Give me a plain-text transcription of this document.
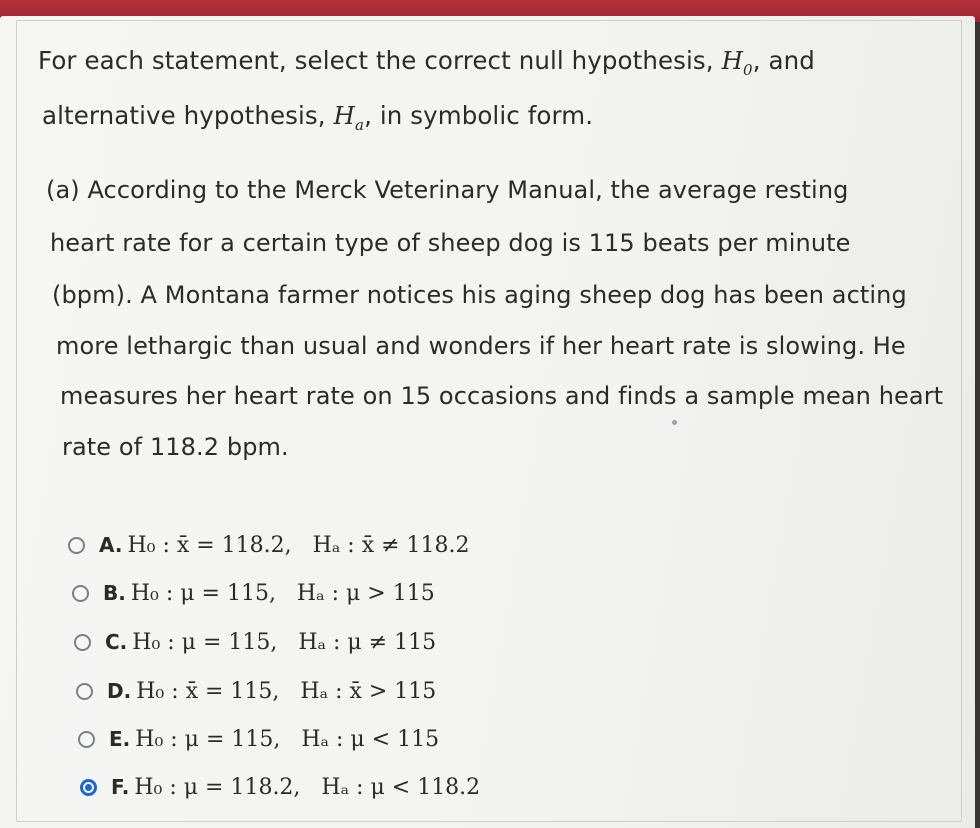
For each statement, select the correct null hypothesis, $H_0$, and
alternative hypothesis, $H_a$, in symbolic form.
(a) According to the Merck Veterinary Manual, the average resting
heart rate for a certain type of sheep dog is 115 beats per minute
(bpm). A Montana farmer notices his aging sheep dog has been acting
more lethargic than usual and wonders if her heart rate is slowing. He
measures her heart rate on 15 occasions and finds a sample mean heart
rate of 118.2 bpm.
A. H₀ : x̄ = 118.2,   Hₐ : x̄ ≠ 118.2
B. H₀ : μ = 115,   Hₐ : μ > 115
C. H₀ : μ = 115,   Hₐ : μ ≠ 115
D. H₀ : x̄ = 115,   Hₐ : x̄ > 115
E. H₀ : μ = 115,   Hₐ : μ < 115
F. H₀ : μ = 118.2,   Hₐ : μ < 118.2
